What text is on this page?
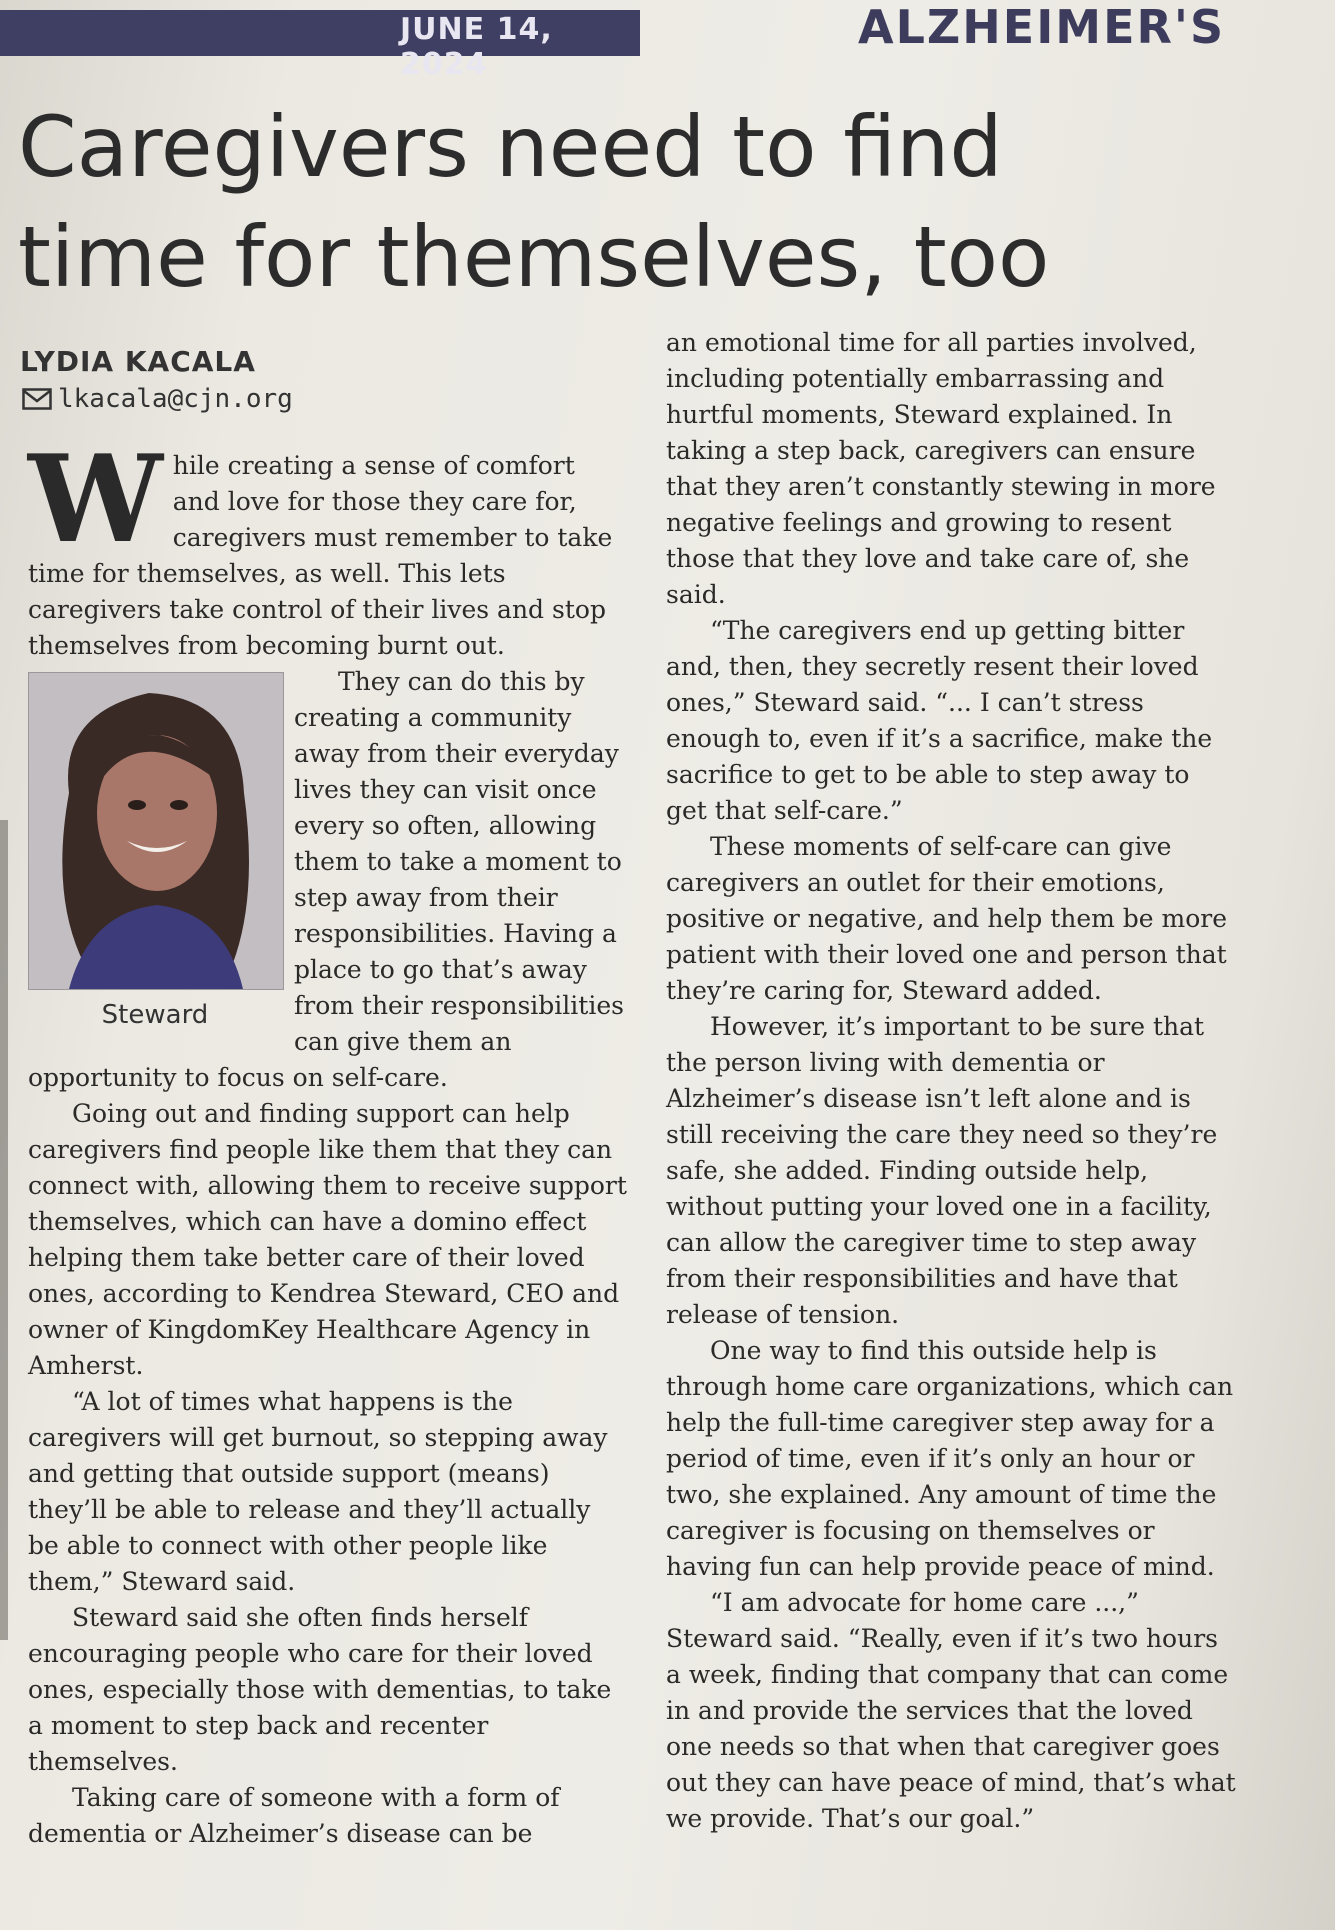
JUNE 14, 2024
ALZHEIMER'S
Caregivers need to find time for themselves, too
LYDIA KACALA
lkacala@cjn.org
W hile creating a sense of comfort and love for those they care for, caregivers must remember to take time for themselves, as well. This lets caregivers take control of their lives and stop themselves from becoming burnt out.

Steward

They can do this by creating a community away from their everyday lives they can visit once every so often, allowing them to take a moment to step away from their responsibilities. Having a place to go that’s away from their responsibilities can give them an opportunity to focus on self-care.

Going out and finding support can help caregivers find people like them that they can connect with, allowing them to receive support themselves, which can have a domino effect helping them take better care of their loved ones, according to Kendrea Steward, CEO and owner of KingdomKey Healthcare Agency in Amherst.

“A lot of times what happens is the caregivers will get burnout, so stepping away and getting that outside support (means) they’ll be able to release and they’ll actually be able to connect with other people like them,” Steward said.

Steward said she often finds herself encouraging people who care for their loved ones, especially those with dementias, to take a moment to step back and recenter themselves.

Taking care of someone with a form of dementia or Alzheimer’s disease can be

an emotional time for all parties involved, including potentially embarrassing and hurtful moments, Steward explained. In taking a step back, caregivers can ensure that they aren’t constantly stewing in more negative feelings and growing to resent those that they love and take care of, she said.

“The caregivers end up getting bitter and, then, they secretly resent their loved ones,” Steward said. “... I can’t stress enough to, even if it’s a sacrifice, make the sacrifice to get to be able to step away to get that self-care.”

These moments of self-care can give caregivers an outlet for their emotions, positive or negative, and help them be more patient with their loved one and person that they’re caring for, Steward added.

However, it’s important to be sure that the person living with dementia or Alzheimer’s disease isn’t left alone and is still receiving the care they need so they’re safe, she added. Finding outside help, without putting your loved one in a facility, can allow the caregiver time to step away from their responsibilities and have that release of tension.

One way to find this outside help is through home care organizations, which can help the full-time caregiver step away for a period of time, even if it’s only an hour or two, she explained. Any amount of time the caregiver is focusing on themselves or having fun can help provide peace of mind.

“I am advocate for home care ...,” Steward said. “Really, even if it’s two hours a week, finding that company that can come in and provide the services that the loved one needs so that when that caregiver goes out they can have peace of mind, that’s what we provide. That’s our goal.”
